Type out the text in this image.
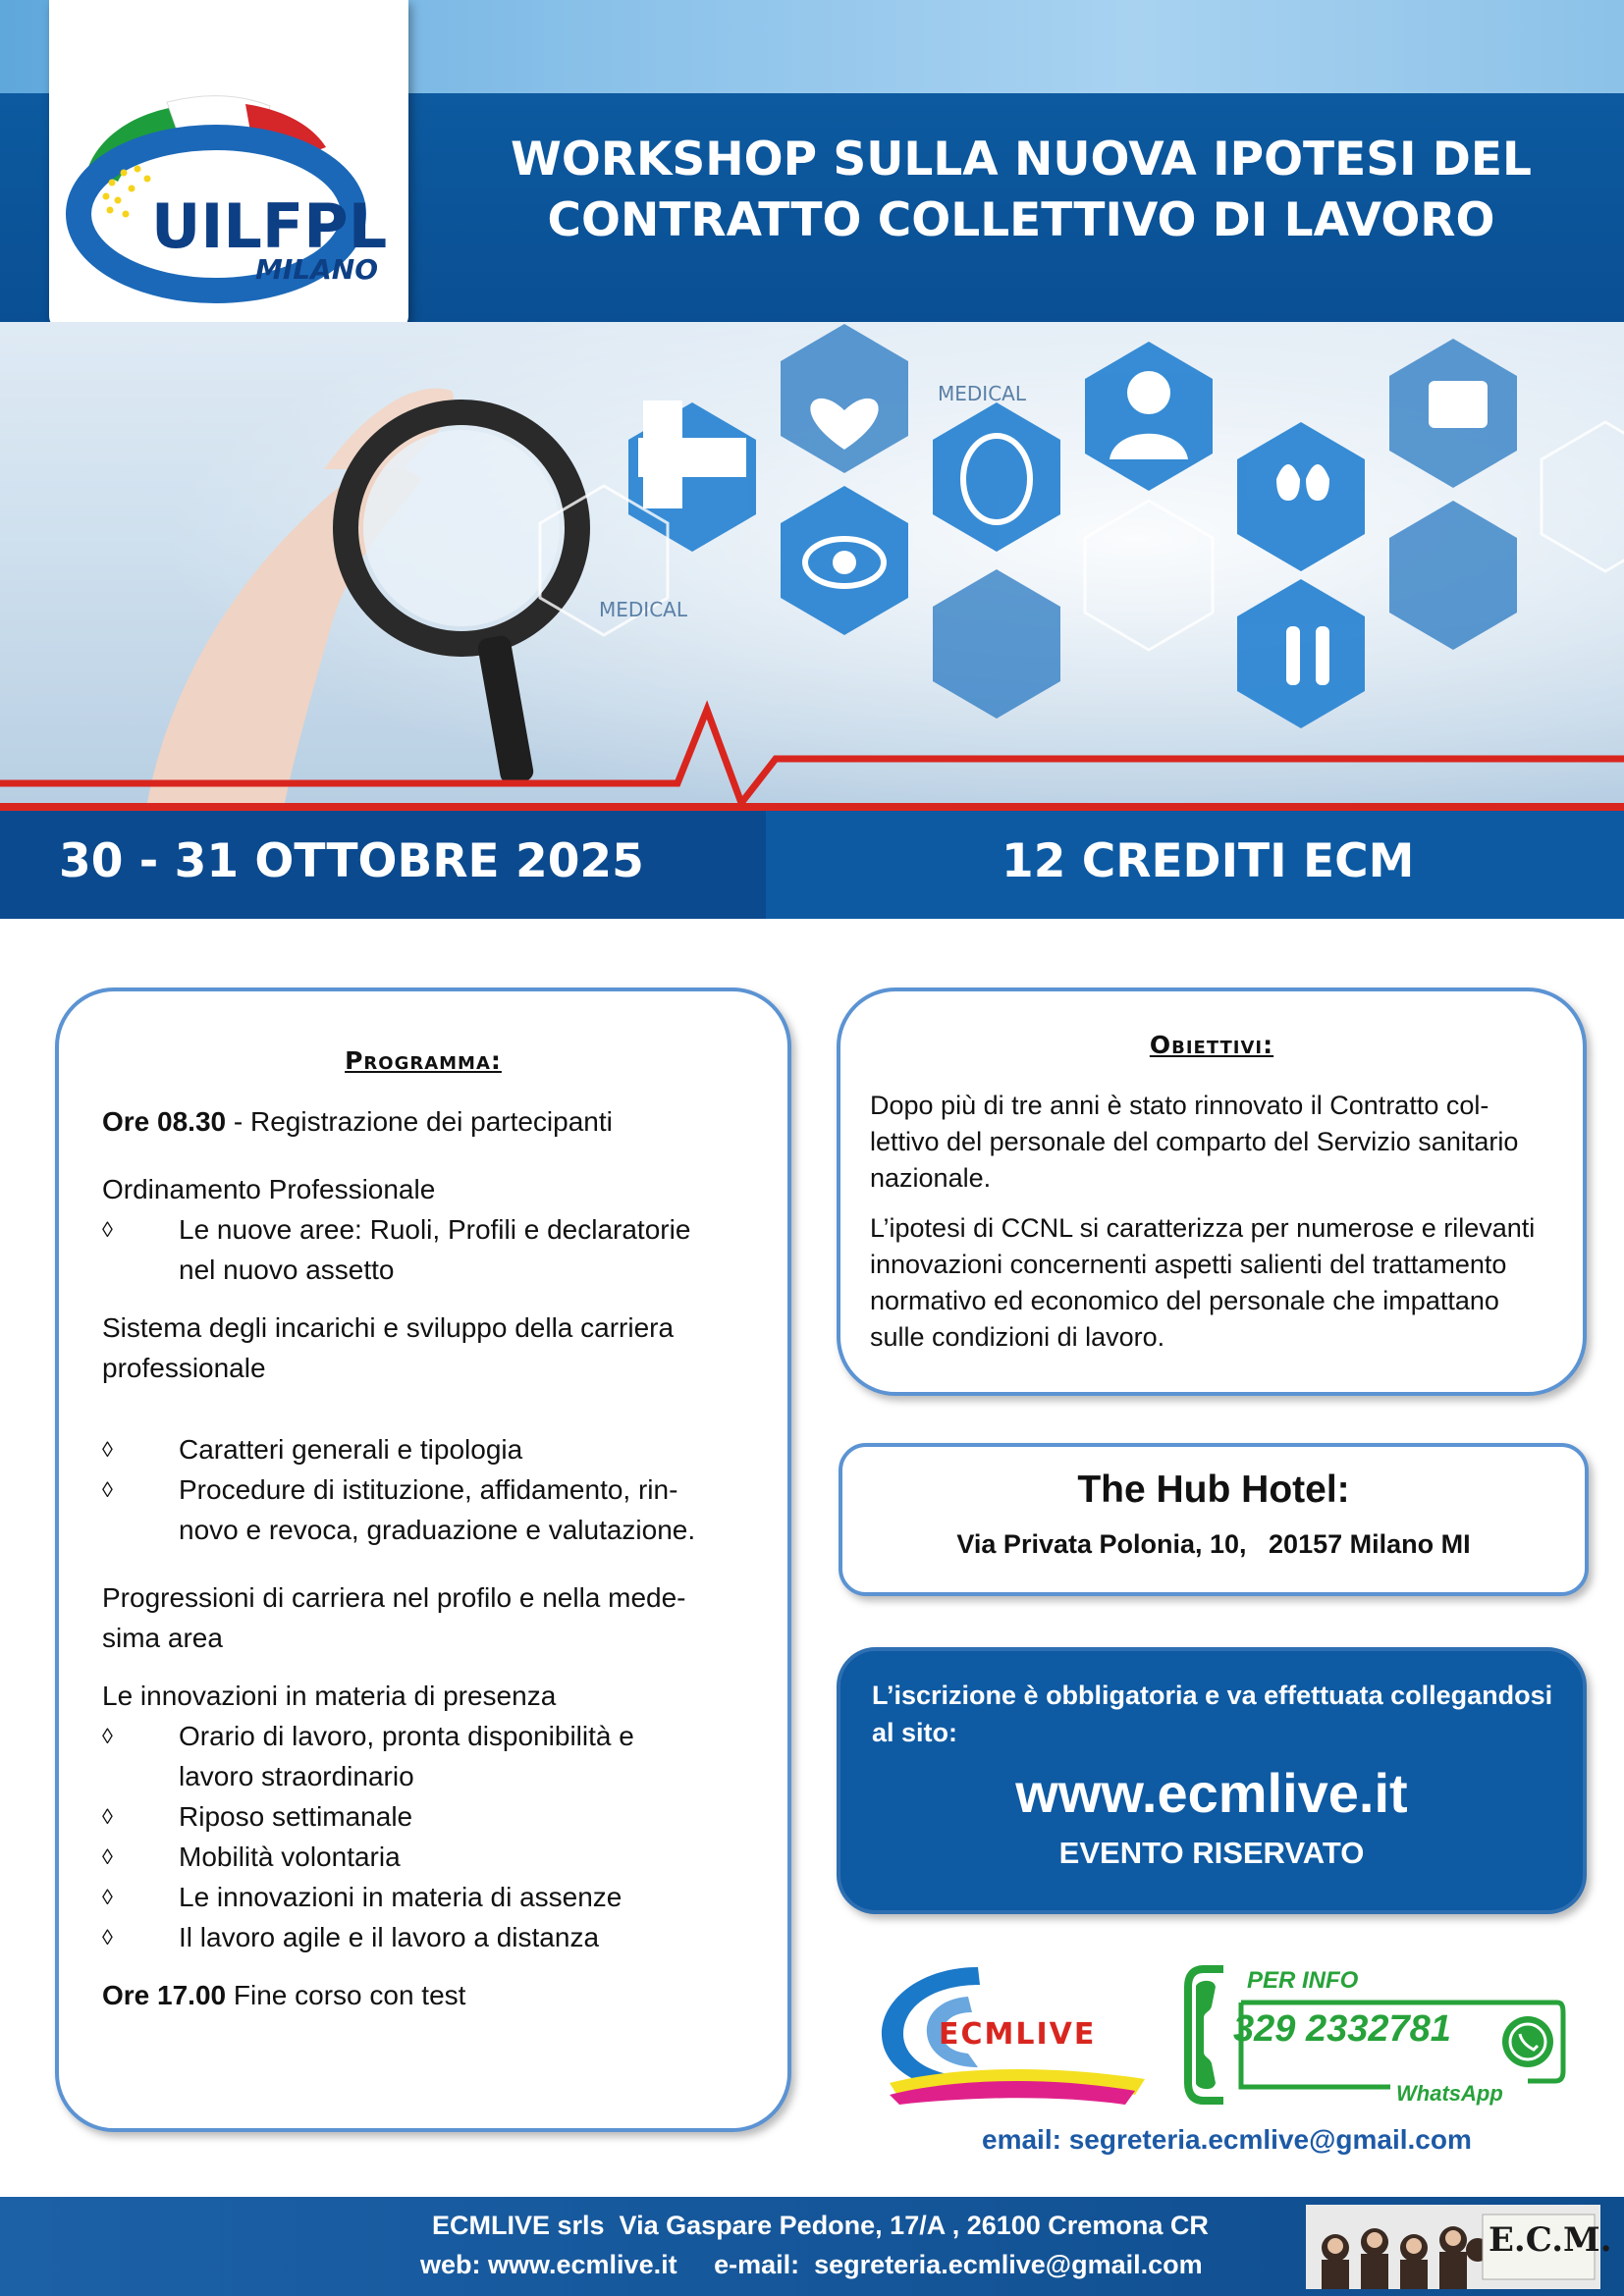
UILFPL
MILANO
WORKSHOP SULLA NUOVA IPOTESI DEL
CONTRATTO COLLETTIVO DI LAVORO
MEDICAL
MEDICAL
30 - 31 OTTOBRE 2025	12 CREDITI ECM
Programma:
Ore 08.30 - Registrazione dei partecipanti
Ordinamento Professionale
◊	Le nuove aree: Ruoli, Profili e declaratorie
nel nuovo assetto
Sistema degli incarichi e sviluppo della carriera
professionale
◊	Caratteri generali e tipologia
◊	Procedure di istituzione, affidamento, rin-
novo e revoca, graduazione e valutazione.
Progressioni di carriera nel profilo e nella mede-
sima area
Le innovazioni in materia di presenza
◊	Orario di lavoro, pronta disponibilità e
lavoro straordinario
◊	Riposo settimanale
◊	Mobilità volontaria
◊	Le innovazioni in materia di assenze
◊	Il lavoro agile e il lavoro a distanza
Ore 17.00 Fine corso con test
Obiettivi:

Dopo più di tre anni è stato rinnovato il Contratto col-
lettivo del personale del comparto del Servizio sanitario
nazionale.

L’ipotesi di CCNL si caratterizza per numerose e rilevanti
innovazioni concernenti aspetti salienti del trattamento
normativo ed economico del personale che impattano
sulle condizioni di lavoro.

The Hub Hotel:
Via Privata Polonia, 10,   20157 Milano MI
L’iscrizione è obbligatoria e va effettuata collegandosi
al sito:
www.ecmlive.it
EVENTO RISERVATO
ECMLIVE
PER INFO
329 2332781
WhatsApp
email: segreteria.ecmlive@gmail.com
ECMLIVE srls  Via Gaspare Pedone, 17/A , 26100 Cremona CR
web: www.ecmlive.it     e-mail:  segreteria.ecmlive@gmail.com
E.C.M.
